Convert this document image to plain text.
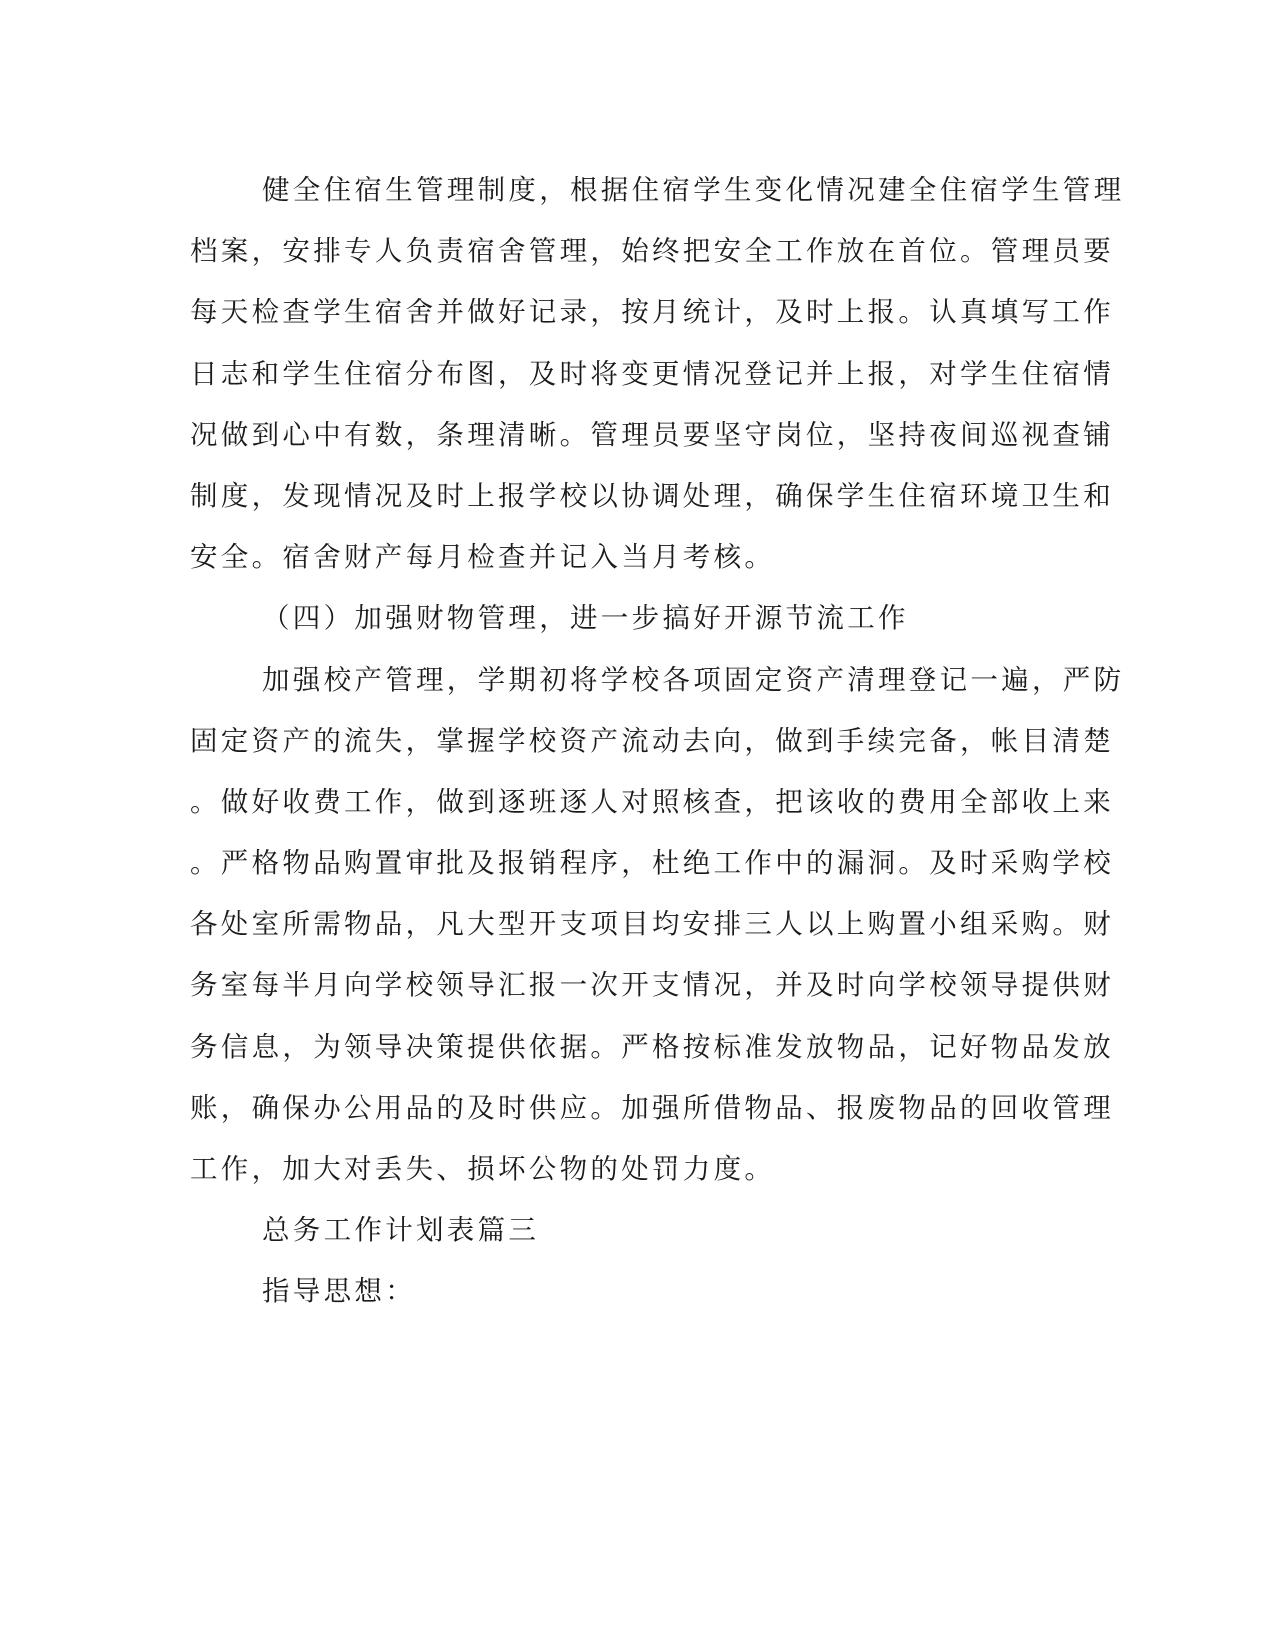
健全住宿生管理制度，根据住宿学生变化情况建全住宿学生管理
档案，安排专人负责宿舍管理，始终把安全工作放在首位。管理员要
每天检查学生宿舍并做好记录，按月统计，及时上报。认真填写工作
日志和学生住宿分布图，及时将变更情况登记并上报，对学生住宿情
况做到心中有数，条理清晰。管理员要坚守岗位，坚持夜间巡视查铺
制度，发现情况及时上报学校以协调处理，确保学生住宿环境卫生和
安全。宿舍财产每月检查并记入当月考核。
（四）加强财物管理，进一步搞好开源节流工作
加强校产管理，学期初将学校各项固定资产清理登记一遍，严防
固定资产的流失，掌握学校资产流动去向，做到手续完备，帐目清楚
。做好收费工作，做到逐班逐人对照核查，把该收的费用全部收上来
。严格物品购置审批及报销程序，杜绝工作中的漏洞。及时采购学校
各处室所需物品，凡大型开支项目均安排三人以上购置小组采购。财
务室每半月向学校领导汇报一次开支情况，并及时向学校领导提供财
务信息，为领导决策提供依据。严格按标准发放物品，记好物品发放
账，确保办公用品的及时供应。加强所借物品、报废物品的回收管理
工作，加大对丢失、损坏公物的处罚力度。
总务工作计划表篇三
指导思想：
